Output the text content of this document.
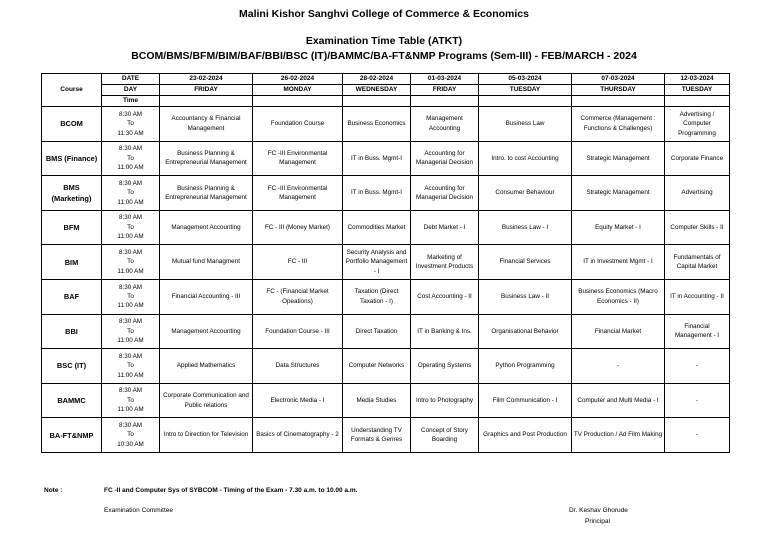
Malini Kishor Sanghvi College of Commerce & Economics
Examination Time Table (ATKT)
BCOM/BMS/BFM/BIM/BAF/BBI/BSC (IT)/BAMMC/BA-FT&NMP Programs (Sem-III) - FEB/MARCH - 2024
Course	DATE	23-02-2024	26-02-2024	28-02-2024	01-03-2024	05-03-2024	07-03-2024	12-03-2024
	DAY	FRIDAY	MONDAY	WEDNESDAY	FRIDAY	TUESDAY	THURSDAY	TUESDAY
	Time							
BCOM	8:30 AM
To
11:30 AM	Accountancy & Financial Management	Foundation Course	Business Economics	Management Accounting	Business Law	Commerce (Management : Functions & Challenges)	Advertising / Computer Programming
BMS (Finance)	8:30 AM
To
11:00 AM	Business Planning & Entrepreneurial Management	FC -III Environmental Management	IT in Buss. Mgmt-I	Accounting for Managerial Decision	Intro. to cost Accounting	Strategic Management	Corporate Finance
BMS (Marketing)	8:30 AM
To
11:00 AM	Business Planning & Entrepreneurial Management	FC -III Environmental Management	IT in Buss. Mgmt-I	Accounting for Managerial Decision	Consumer Behaviour	Strategic Management	Advertising
BFM	8:30 AM
To
11:00 AM	Management Accounting	FC - III (Money Market)	Commodities Market	Debt Market - I	Business Law - I	Equity Market - I	Computer Skills - II
BIM	8:30 AM
To
11:00 AM	Mutual fund Managment	FC - III	Security Analysis and Portfolio Management - I	Marketing of Investment Products	Financial Services	IT in Investment Mgmt - I	Fundamentals of Capital Market
BAF	8:30 AM
To
11:00 AM	Financial Accounting - III	FC - (Financial Market Opeations)	Taxation (Direct Taxation - I)	Cost Accounting - II	Business Law - II	Business Economics (Macro Economics - II)	IT in Accounting - II
BBI	8:30 AM
To
11:00 AM	Management Accounting	Foundation Course - III	Direct Taxation	IT in Banking & Ins.	Organisational Behavior	Financial Market	Financial Management - I
BSC (IT)	8:30 AM
To
11:00 AM	Applied Mathematics	Data Structures	Computer Networks	Operating Systems	Python Programming	-	-
BAMMC	8:30 AM
To
11:00 AM	Corporate Communication and Public relations	Electronic Media - I	Media Studies	Intro to Photography	Film Communication - I	Computer and Multi Media - I	-
BA-FT&NMP	8:30 AM
To
10:30 AM	Intro to Direction for Television	Basics of Cinematography - 2	Understanding TV Formats & Genres	Concept of Story Boarding	Graphics and Post Production	TV Production / Ad Film Making	-
Note :	FC -II and Computer Sys of SYBCOM - Timing of the Exam - 7.30 a.m. to 10.00 a.m.
Examination Committee	Dr. Keshav Ghorude
Principal
